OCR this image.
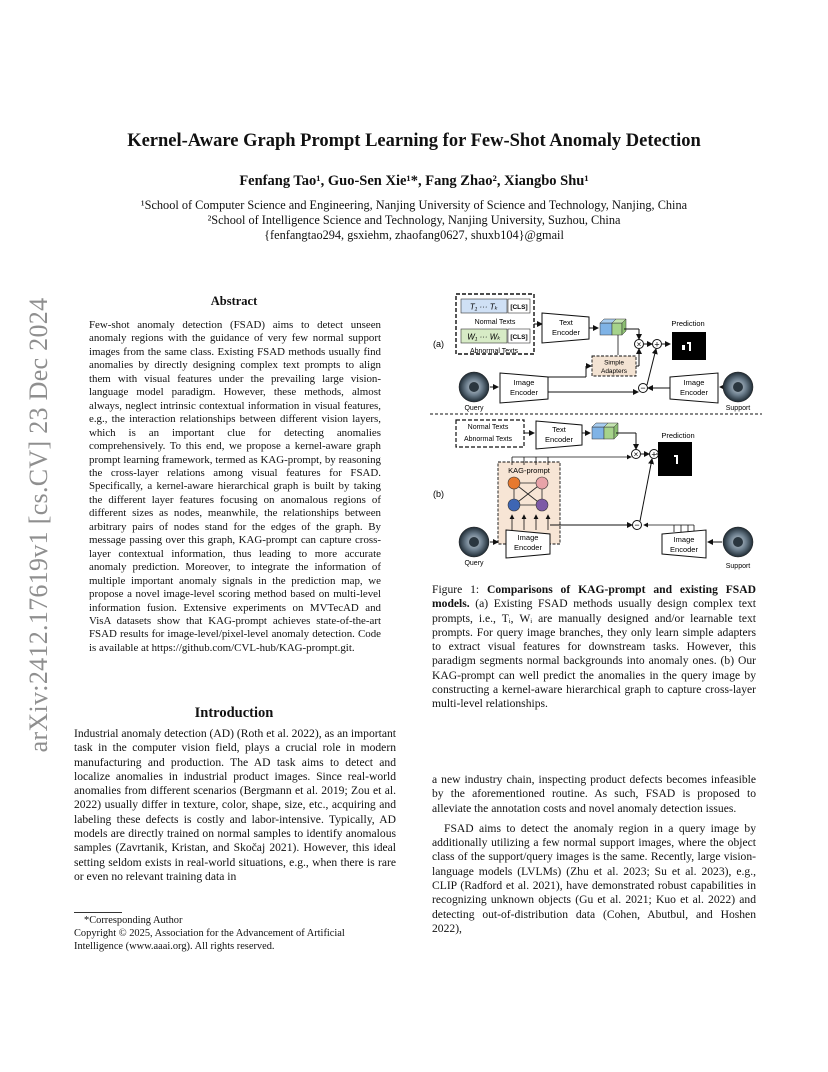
arXiv:2412.17619v1 [cs.CV] 23 Dec 2024
Kernel-Aware Graph Prompt Learning for Few-Shot Anomaly Detection
Fenfang Tao¹, Guo-Sen Xie¹*, Fang Zhao², Xiangbo Shu¹
¹School of Computer Science and Engineering, Nanjing University of Science and Technology, Nanjing, China
²School of Intelligence Science and Technology, Nanjing University, Suzhou, China
{fenfangtao294, gsxiehm, zhaofang0627, shuxb104}@gmail
Abstract
Few-shot anomaly detection (FSAD) aims to detect unseen anomaly regions with the guidance of very few normal support images from the same class. Existing FSAD methods usually find anomalies by directly designing complex text prompts to align them with visual features under the prevailing large vision-language model paradigm. However, these methods, almost always, neglect intrinsic contextual information in visual features, e.g., the interaction relationships between different vision layers, which is an important clue for detecting anomalies comprehensively. To this end, we propose a kernel-aware graph prompt learning framework, termed as KAG-prompt, by reasoning the cross-layer relations among visual features for FSAD. Specifically, a kernel-aware hierarchical graph is built by taking the different layer features focusing on anomalous regions of different sizes as nodes, meanwhile, the relationships between arbitrary pairs of nodes stand for the edges of the graph. By message passing over this graph, KAG-prompt can capture cross-layer contextual information, thus leading to more accurate anomaly prediction. Moreover, to integrate the information of multiple important anomaly signals in the prediction map, we propose a novel image-level scoring method based on multi-level information fusion. Extensive experiments on MVTecAD and VisA datasets show that KAG-prompt achieves state-of-the-art FSAD results for image-level/pixel-level anomaly detection. Code is available at https://github.com/CVL-hub/KAG-prompt.git.
Introduction
Industrial anomaly detection (AD) (Roth et al. 2022), as an important task in the computer vision field, plays a crucial role in modern manufacturing and production. The AD task aims to detect and localize anomalies in industrial product images. Since real-world anomalies from different scenarios (Bergmann et al. 2019; Zou et al. 2022) usually differ in texture, color, shape, size, etc., acquiring and labeling these defects is costly and labor-intensive. Typically, AD models are directly trained on normal samples to identify anomalous samples (Zavrtanik, Kristan, and Skočaj 2021). However, this ideal setting seldom exists in real-world situations, e.g., when there is rare or even no relevant training data in
*Corresponding Author
Copyright © 2025, Association for the Advancement of Artificial Intelligence (www.aaai.org). All rights reserved.
(a)
T₁ ··· Tₖ [CLS]
Normal Texts
W₁ ··· Wₖ [CLS]
Abnormal Texts
Text
Encoder
× +
Prediction
Simple
Adapters
Query
Image
Encoder	−
Image
Encoder
Support
(b)
Normal Texts
Abnormal Texts
Text
Encoder
× +
Prediction
KAG-prompt
Query
Image
Encoder
−
Image
Encoder
Support
Figure 1: Comparisons of KAG-prompt and existing FSAD models. (a) Existing FSAD methods usually design complex text prompts, i.e., Tᵢ, Wᵢ are manually designed and/or learnable text prompts. For query image branches, they only learn simple adapters to extract visual features for downstream tasks. However, this paradigm segments normal backgrounds into anomaly ones. (b) Our KAG-prompt can well predict the anomalies in the query image by constructing a kernel-aware hierarchical graph to capture cross-layer multi-level relationships.

a new industry chain, inspecting product defects becomes infeasible by the aforementioned routine. As such, FSAD is proposed to alleviate the annotation costs and novel anomaly detection issues.

FSAD aims to detect the anomaly region in a query image by additionally utilizing a few normal support images, where the object class of the support/query images is the same. Recently, large vision-language models (LVLMs) (Zhu et al. 2023; Su et al. 2023), e.g., CLIP (Radford et al. 2021), have demonstrated robust capabilities in recognizing unknown objects (Gu et al. 2021; Kuo et al. 2022) and detecting out-of-distribution data (Cohen, Abutbul, and Hoshen 2022),
